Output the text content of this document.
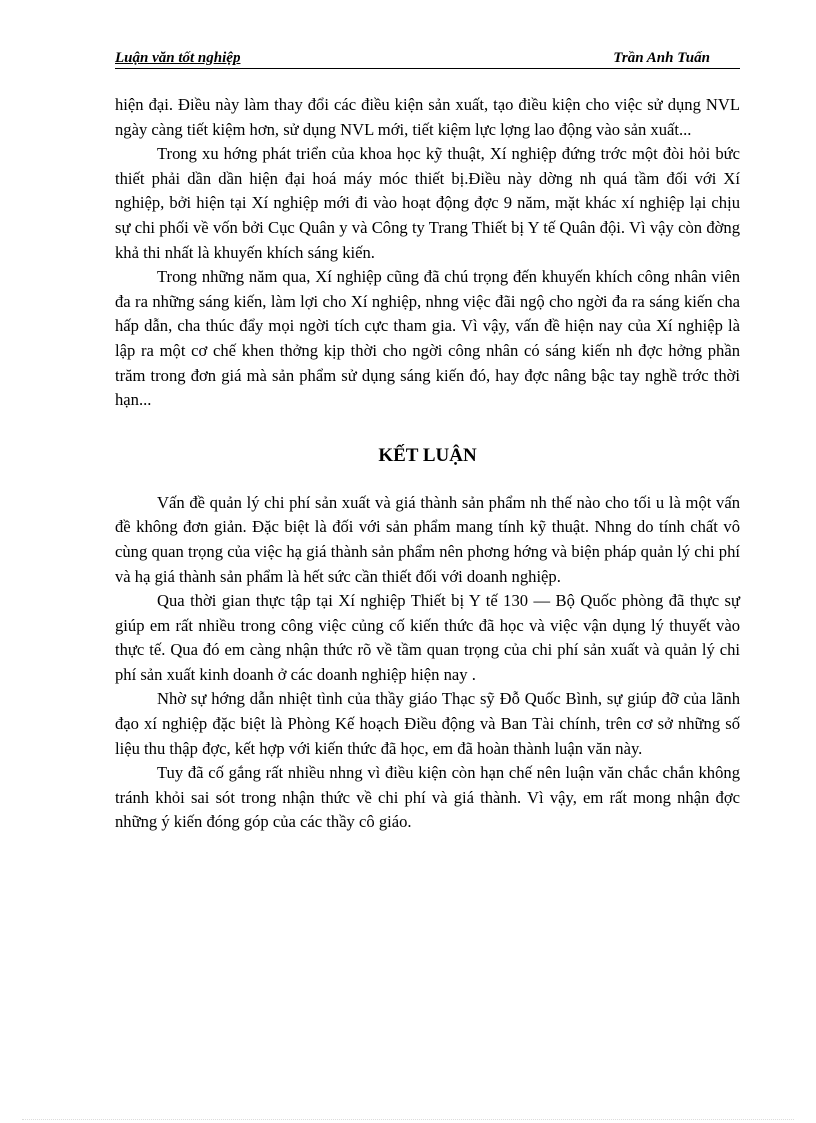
Luận văn tốt nghiệp	Trần Anh Tuấn

hiện đại. Điều này làm thay đổi các điều kiện sản xuất, tạo điều kiện cho việc sử dụng NVL ngày càng tiết kiệm hơn, sử dụng NVL mới, tiết kiệm lực lợng lao động vào sản xuất...

Trong xu hớng phát triển của khoa học kỹ thuật, Xí nghiệp đứng trớc một đòi hỏi bức thiết phải dần dần hiện đại hoá máy móc thiết bị.Điều này dờng nh quá tầm đối với Xí nghiệp, bởi hiện tại Xí nghiệp mới đi vào hoạt động đợc 9 năm, mặt khác xí nghiệp lại chịu sự chi phối về vốn bởi Cục Quân y và Công ty Trang Thiết bị Y tế Quân đội. Vì vậy còn đờng khả thi nhất là khuyến khích sáng kiến.

Trong những năm qua, Xí nghiệp cũng đã chú trọng đến khuyến khích công nhân viên đa ra những sáng kiến, làm lợi cho Xí nghiệp, nhng việc đãi ngộ cho ngời đa ra sáng kiến cha hấp dẫn, cha thúc đẩy mọi ngời tích cực tham gia. Vì vậy, vấn đề hiện nay của Xí nghiệp là lập ra một cơ chế khen thởng kịp thời cho ngời công nhân có sáng kiến nh đợc hởng phần trăm trong đơn giá mà sản phẩm sử dụng sáng kiến đó, hay đợc nâng bậc tay nghề trớc thời hạn...

KẾT LUẬN

Vấn đề quản lý chi phí sản xuất và giá thành sản phẩm nh thế nào cho tối u là một vấn đề không đơn giản. Đặc biệt là đối với sản phẩm mang tính kỹ thuật. Nhng do tính chất vô cùng quan trọng của việc hạ giá thành sản phẩm nên phơng hớng và biện pháp quản lý chi phí và hạ giá thành sản phẩm là hết sức cần thiết đối với doanh nghiệp.

Qua thời gian thực tập tại Xí nghiệp Thiết bị Y tế 130 — Bộ Quốc phòng đã thực sự giúp em rất nhiều trong công việc củng cố kiến thức đã học và việc vận dụng lý thuyết vào thực tế. Qua đó em càng nhận thức rõ về tầm quan trọng của chi phí sản xuất và quản lý chi phí sản xuất kinh doanh ở các doanh nghiệp hiện nay .

Nhờ sự hớng dẫn nhiệt tình của thầy giáo Thạc sỹ Đỗ Quốc Bình, sự giúp đỡ của lãnh đạo xí nghiệp đặc biệt là Phòng Kế hoạch Điều động và Ban Tài chính, trên cơ sở những số liệu thu thập đợc, kết hợp với kiến thức đã học, em đã hoàn thành luận văn này.

Tuy đã cố gắng rất nhiều nhng vì điều kiện còn hạn chế nên luận văn chắc chắn không tránh khỏi sai sót trong nhận thức về chi phí và giá thành. Vì vậy, em rất mong nhận đợc những ý kiến đóng góp của các thầy cô giáo.
